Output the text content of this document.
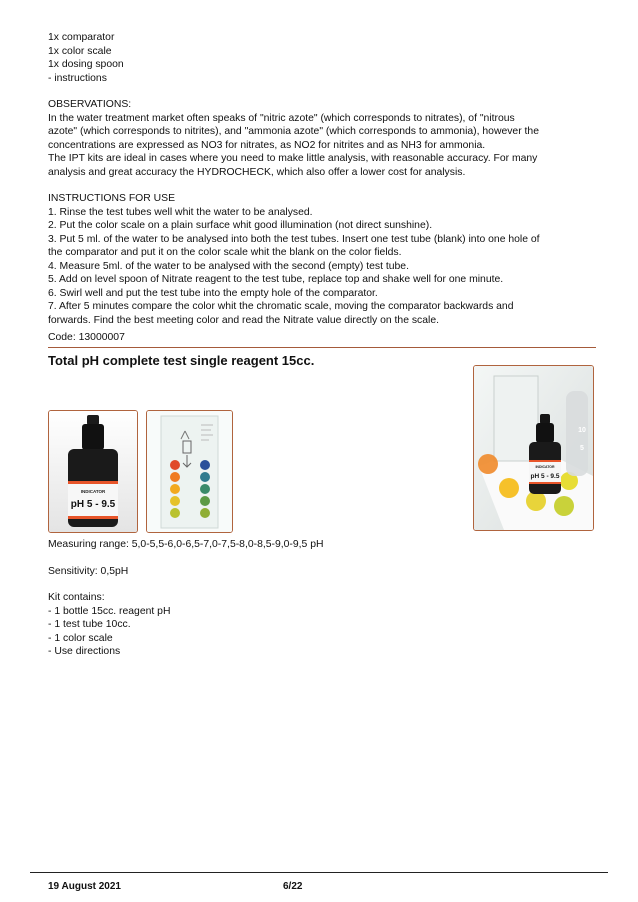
1x comparator
1x color scale
1x dosing spoon
- instructions
OBSERVATIONS:
In the water treatment market often speaks of "nitric azote" (which corresponds to nitrates), of "nitrous
azote" (which corresponds to nitrites), and "ammonia azote" (which corresponds to ammonia), however the
concentrations are expressed as NO3 for nitrates, as NO2 for nitrites and as NH3 for ammonia.
The IPT kits are ideal in cases where you need to make little analysis, with reasonable accuracy. For many
analysis and great accuracy the HYDROCHECK, which also offer a lower cost for analysis.
INSTRUCTIONS FOR USE
1. Rinse the test tubes well whit the water to be analysed.
2. Put the color scale on a plain surface whit good illumination (not direct sunshine).
3. Put 5 ml. of the water to be analysed into both the test tubes. Insert one test tube (blank) into one hole of
the comparator and put it on the color scale whit the blank on the color fields.
4. Measure 5ml. of the water to be analysed with the second (empty) test tube.
5. Add on level spoon of Nitrate reagent to the test tube, replace top and shake well for one minute.
6. Swirl well and put the test tube into the empty hole of the comparator.
7. After 5 minutes compare the color whit the chromatic scale, moving the comparator backwards and
forwards. Find the best meeting color and read the Nitrate value directly on the scale.
Code: 13000007
Total pH complete test single reagent 15cc.
INDICATOR
pH 5 - 9.5
10
5
INDICATOR
pH 5 - 9.5
Measuring range: 5,0-5,5-6,0-6,5-7,0-7,5-8,0-8,5-9,0-9,5 pH
Sensitivity: 0,5pH
Kit contains:
- 1 bottle 15cc. reagent pH
- 1 test tube 10cc.
- 1 color scale
- Use directions
19 August 2021	6/22
